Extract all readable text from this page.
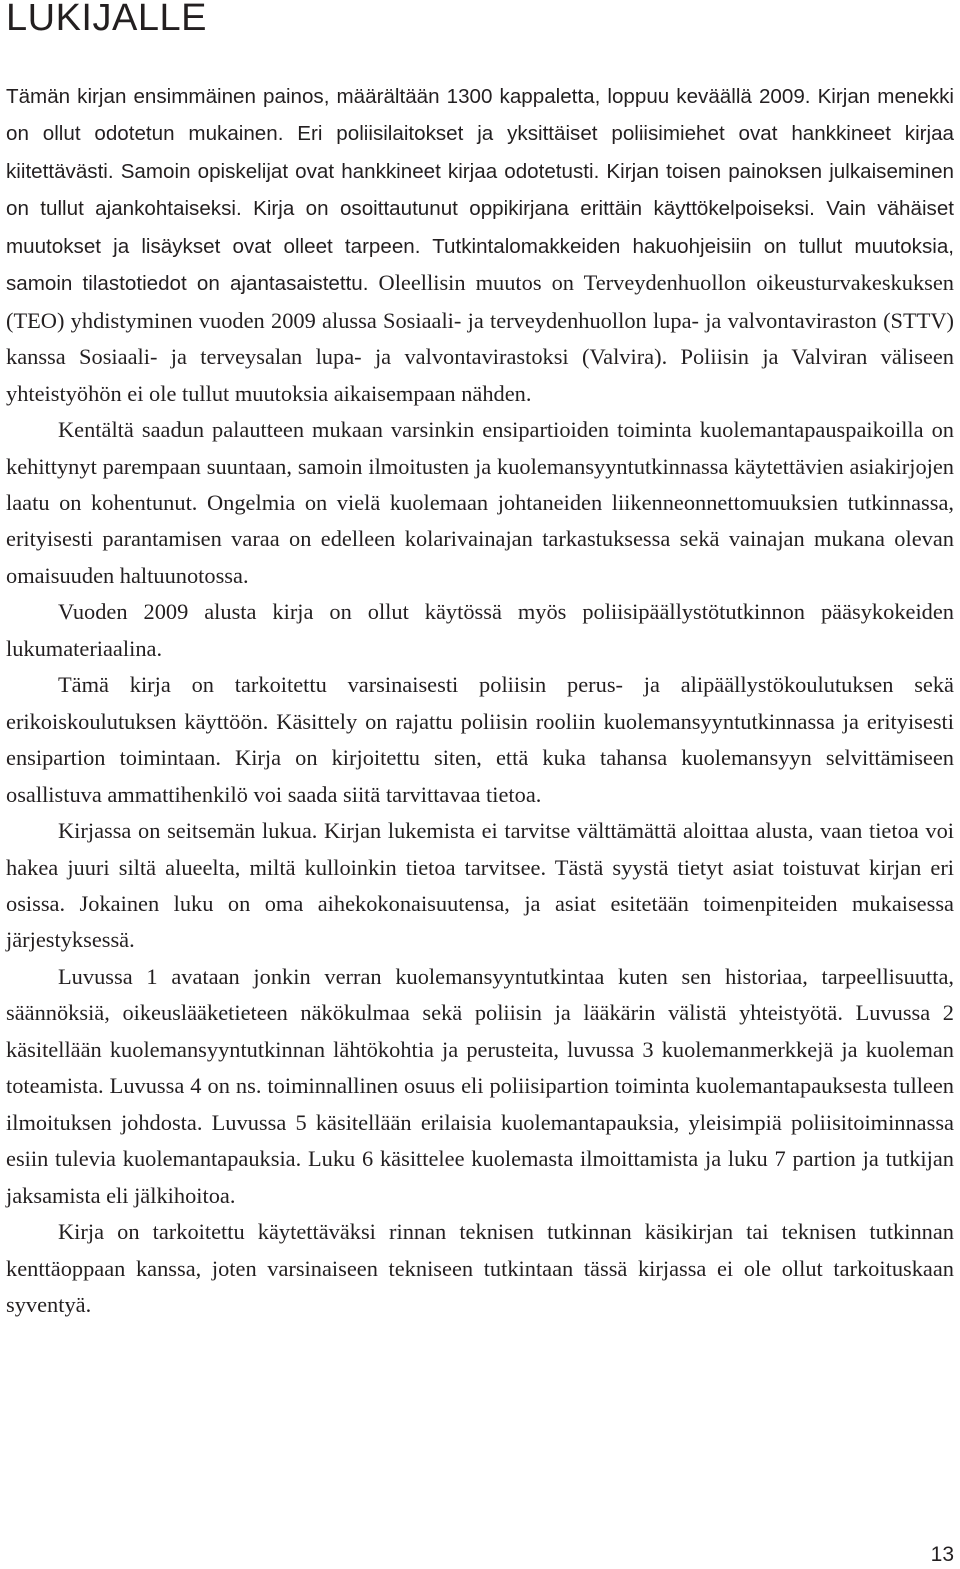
LUKIJALLE

Tämän kirjan ensimmäinen painos, määrältään 1300 kappaletta, loppuu keväällä 2009. Kirjan menekki on ollut odotetun mukainen. Eri poliisilaitokset ja yksittäiset poliisimiehet ovat hankkineet kirjaa kiitettävästi. Samoin opiskelijat ovat hankkineet kirjaa odotetusti. Kirjan toisen painoksen julkaiseminen on tullut ajankohtaiseksi. Kirja on osoittautunut oppikirjana erittäin käyttökelpoiseksi. Vain vähäiset muutokset ja lisäykset ovat olleet tarpeen. Tutkintalomakkeiden hakuohjeisiin on tullut muutoksia, samoin tilastotiedot on ajantasaistettu. Oleellisin muutos on Terveydenhuollon oikeusturvakeskuksen (TEO) yhdistyminen vuoden 2009 alussa Sosiaali- ja terveydenhuollon lupa- ja valvontaviraston (STTV) kanssa Sosiaali- ja terveysalan lupa- ja valvontavirastoksi (Valvira). Poliisin ja Valviran väliseen yhteistyöhön ei ole tullut muutoksia aikaisempaan nähden.

Kentältä saadun palautteen mukaan varsinkin ensipartioiden toiminta kuolemantapauspaikoilla on kehittynyt parempaan suuntaan, samoin ilmoitusten ja kuolemansyyntutkinnassa käytettävien asiakirjojen laatu on kohentunut. Ongelmia on vielä kuolemaan johtaneiden liikenneonnettomuuksien tutkinnassa, erityisesti parantamisen varaa on edelleen kolarivainajan tarkastuksessa sekä vainajan mukana olevan omaisuuden haltuunotossa.

Vuoden 2009 alusta kirja on ollut käytössä myös poliisipäällystötutkinnon pääsykokeiden lukumateriaalina.

Tämä kirja on tarkoitettu varsinaisesti poliisin perus- ja alipäällystökoulutuksen sekä erikoiskoulutuksen käyttöön. Käsittely on rajattu poliisin rooliin kuolemansyyntutkinnassa ja erityisesti ensipartion toimintaan. Kirja on kirjoitettu siten, että kuka tahansa kuolemansyyn selvittämiseen osallistuva ammattihenkilö voi saada siitä tarvittavaa tietoa.

Kirjassa on seitsemän lukua. Kirjan lukemista ei tarvitse välttämättä aloittaa alusta, vaan tietoa voi hakea juuri siltä alueelta, miltä kulloinkin tietoa tarvitsee. Tästä syystä tietyt asiat toistuvat kirjan eri osissa. Jokainen luku on oma aihekokonaisuutensa, ja asiat esitetään toimenpiteiden mukaisessa järjestyksessä.

Luvussa 1 avataan jonkin verran kuolemansyyntutkintaa kuten sen historiaa, tarpeellisuutta, säännöksiä, oikeuslääketieteen näkökulmaa sekä poliisin ja lääkärin välistä yhteistyötä. Luvussa 2 käsitellään kuolemansyyntutkinnan lähtökohtia ja perusteita, luvussa 3 kuolemanmerkkejä ja kuoleman toteamista. Luvussa 4 on ns. toiminnallinen osuus eli poliisipartion toiminta kuolemantapauksesta tulleen ilmoituksen johdosta. Luvussa 5 käsitellään erilaisia kuolemantapauksia, yleisimpiä poliisitoiminnassa esiin tulevia kuolemantapauksia. Luku 6 käsittelee kuolemasta ilmoittamista ja luku 7 partion ja tutkijan jaksamista eli jälkihoitoa.

Kirja on tarkoitettu käytettäväksi rinnan teknisen tutkinnan käsikirjan tai teknisen tutkinnan kenttäoppaan kanssa, joten varsinaiseen tekniseen tutkintaan tässä kirjassa ei ole ollut tarkoituskaan syventyä.

13
